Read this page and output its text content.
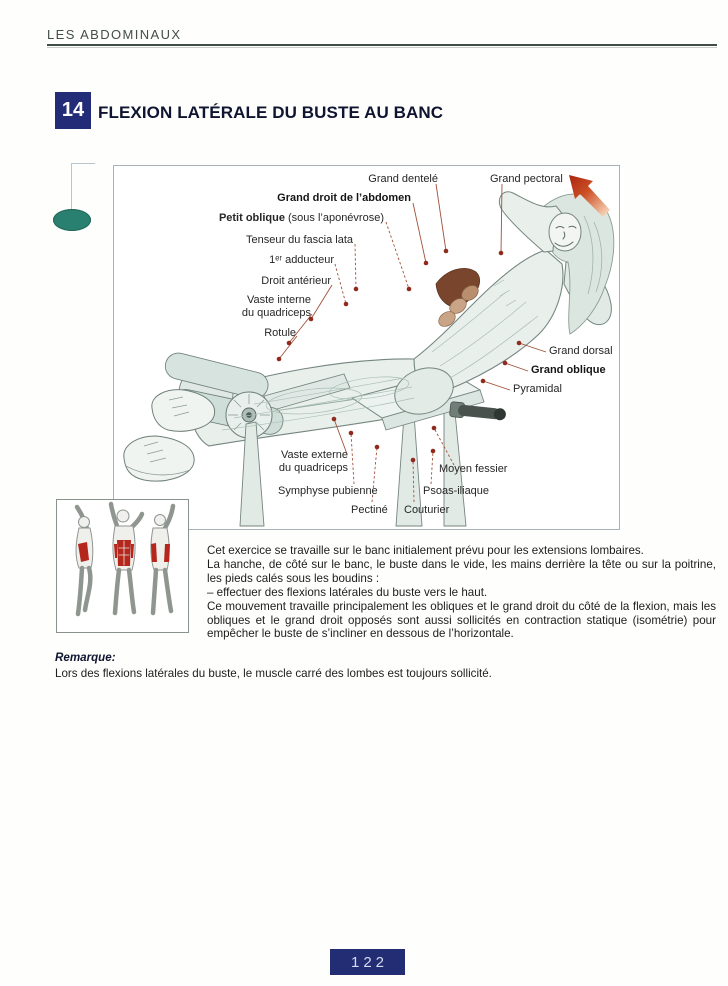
LES ABDOMINAUX
14 FLEXION LATÉRALE DU BUSTE AU BANC
Grand dentelé	Grand pectoral
Grand droit de l’abdomen
Petit oblique (sous l’aponévrose)
Tenseur du fascia lata
1ᵉʳ adducteur
Droit antérieur
Vaste interne
du quadriceps
Rotule
Grand dorsal
Grand oblique
Pyramidal
Vaste externe
du quadriceps	Moyen fessier
Symphyse pubienne	Psoas-iliaque
Pectiné Couturier

Cet exercice se travaille sur le banc initialement prévu pour les extensions lombaires.

La hanche, de côté sur le banc, le buste dans le vide, les mains derrière la tête ou sur la poitrine, les pieds calés sous les boudins :

– effectuer des flexions latérales du buste vers le haut.

Ce mouvement travaille principalement les obliques et le grand droit du côté de la flexion, mais les obliques et le grand droit opposés sont aussi sollicités en contraction statique (isométrie) pour empêcher le buste de s’incliner en dessous de l’horizontale.

Remarque:

Lors des flexions latérales du buste, le muscle carré des lombes est toujours sollicité.

122
